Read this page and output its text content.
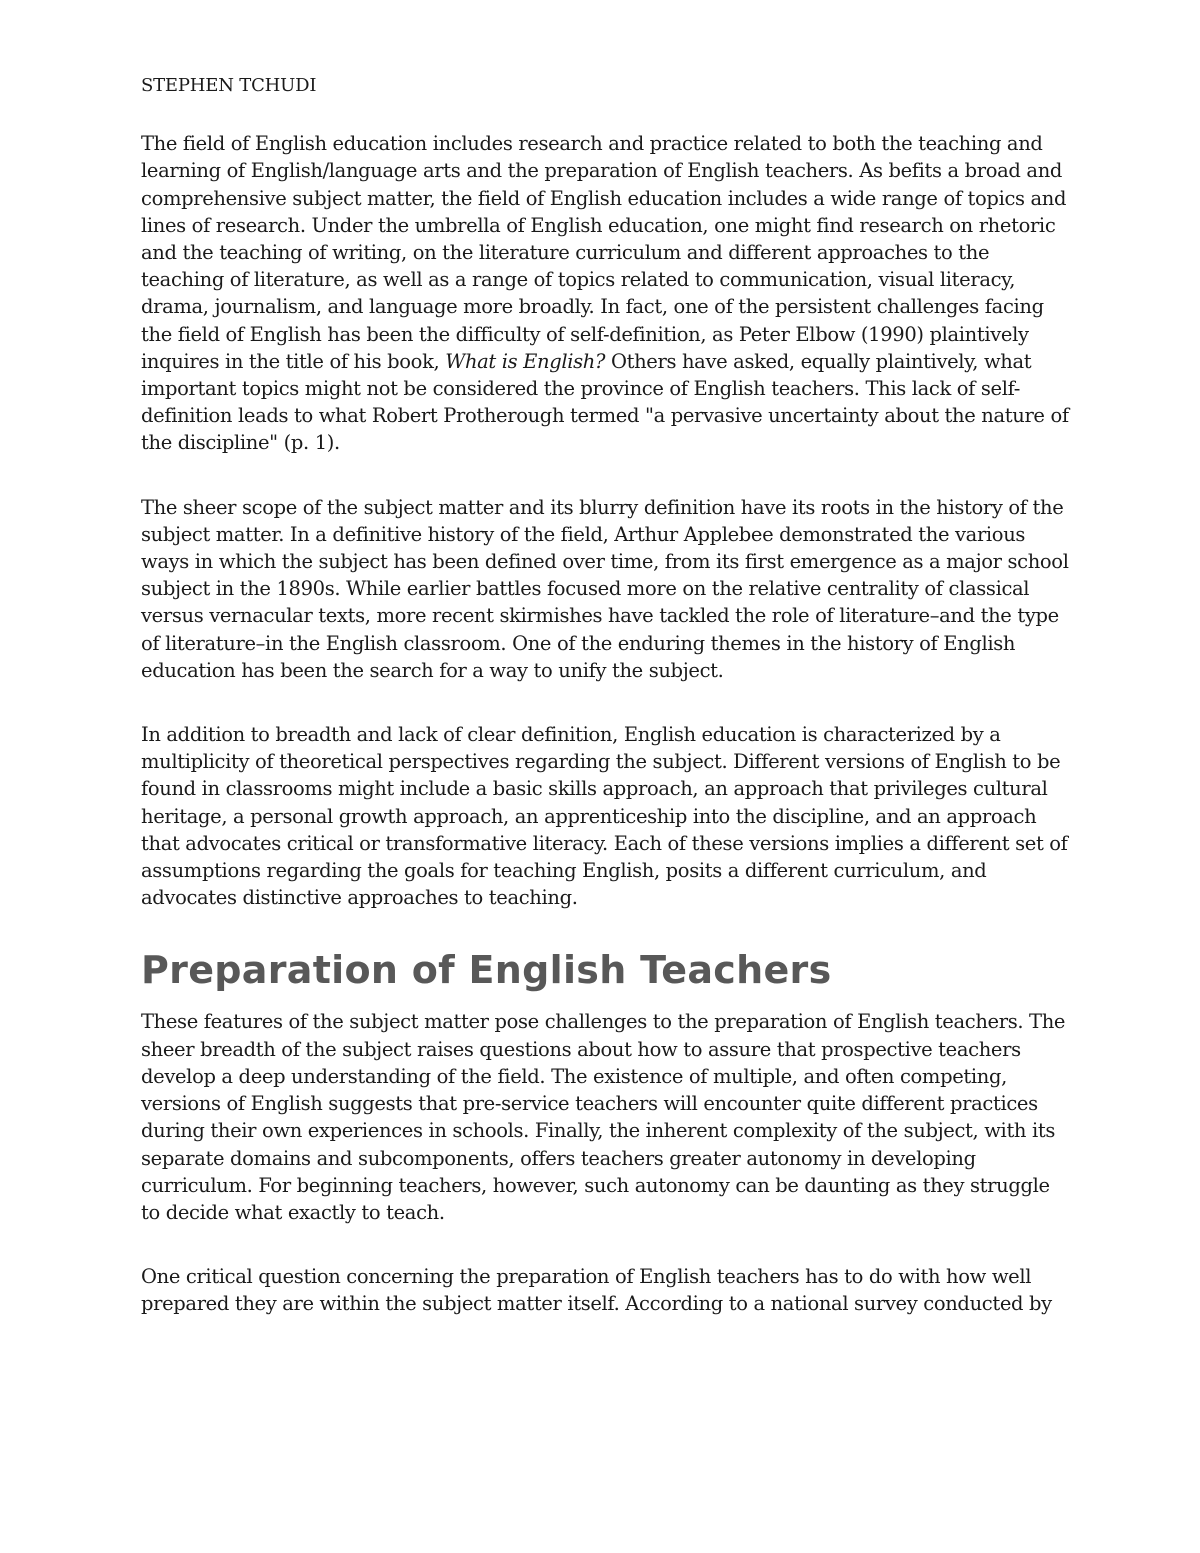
STEPHEN TCHUDI

The field of English education includes research and practice related to both the teaching and learning of English/language arts and the preparation of English teachers. As befits a broad and comprehensive subject matter, the field of English education includes a wide range of topics and lines of research. Under the umbrella of English education, one might find research on rhetoric and the teaching of writing, on the literature curriculum and different approaches to the teaching of literature, as well as a range of topics related to communication, visual literacy, drama, journalism, and language more broadly. In fact, one of the persistent challenges facing the field of English has been the difficulty of self-definition, as Peter Elbow (1990) plaintively inquires in the title of his book, What is English? Others have asked, equally plaintively, what important topics might not be considered the province of English teachers. This lack of self-definition leads to what Robert Protherough termed "a pervasive uncertainty about the nature of the discipline" (p. 1).

The sheer scope of the subject matter and its blurry definition have its roots in the history of the subject matter. In a definitive history of the field, Arthur Applebee demonstrated the various ways in which the subject has been defined over time, from its first emergence as a major school subject in the 1890s. While earlier battles focused more on the relative centrality of classical versus vernacular texts, more recent skirmishes have tackled the role of literature–and the type of literature–in the English classroom. One of the enduring themes in the history of English education has been the search for a way to unify the subject.

In addition to breadth and lack of clear definition, English education is characterized by a multiplicity of theoretical perspectives regarding the subject. Different versions of English to be found in classrooms might include a basic skills approach, an approach that privileges cultural heritage, a personal growth approach, an apprenticeship into the discipline, and an approach that advocates critical or transformative literacy. Each of these versions implies a different set of assumptions regarding the goals for teaching English, posits a different curriculum, and advocates distinctive approaches to teaching.

Preparation of English Teachers

These features of the subject matter pose challenges to the preparation of English teachers. The sheer breadth of the subject raises questions about how to assure that prospective teachers develop a deep understanding of the field. The existence of multiple, and often competing, versions of English suggests that pre-service teachers will encounter quite different practices during their own experiences in schools. Finally, the inherent complexity of the subject, with its separate domains and subcomponents, offers teachers greater autonomy in developing curriculum. For beginning teachers, however, such autonomy can be daunting as they struggle to decide what exactly to teach.

One critical question concerning the preparation of English teachers has to do with how well prepared they are within the subject matter itself. According to a national survey conducted by
